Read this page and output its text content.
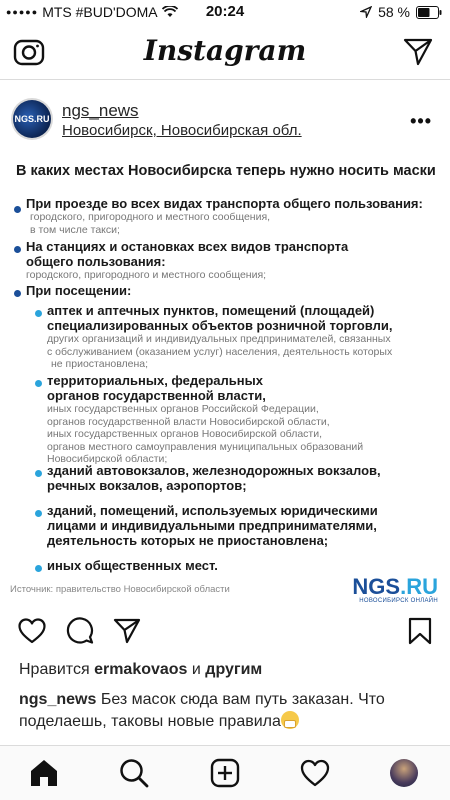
●●●●● MTS #BUD'DOMA	20:24	58 %
Instagram
NGS.RU ngs_news
Новосибирск, Новосибирская обл.	•••
В каких местах Новосибирска теперь нужно носить маски
При проезде во всех видах транспорта общего пользования:
городского, пригородного и местного сообщения,
в том числе такси;
На станциях и остановках всех видов транспорта
общего пользования:
городского, пригородного и местного сообщения;
При посещении:
аптек и аптечных пунктов, помещений (площадей)
специализированных объектов розничной торговли,
других организаций и индивидуальных предпринимателей, связанных
с обслуживанием (оказанием услуг) населения, деятельность которых
не приостановлена;
территориальных, федеральных
органов государственной власти,
иных государственных органов Российской Федерации,
органов государственной власти Новосибирской области,
иных государственных органов Новосибирской области,
органов местного самоуправления муниципальных образований
Новосибирской области;
зданий автовокзалов, железнодорожных вокзалов,
речных вокзалов, аэропортов;
зданий, помещений, используемых юридическими
лицами и индивидуальными предпринимателями,
деятельность которых не приостановлена;
иных общественных мест.
Источник: правительство Новосибирской области	NGS.RU
НОВОСИБИРСК ОНЛАЙН
Нравится ermakovaos и другим
ngs_news Без масок сюда вам путь заказан. Что поделаешь, таковы новые правила
